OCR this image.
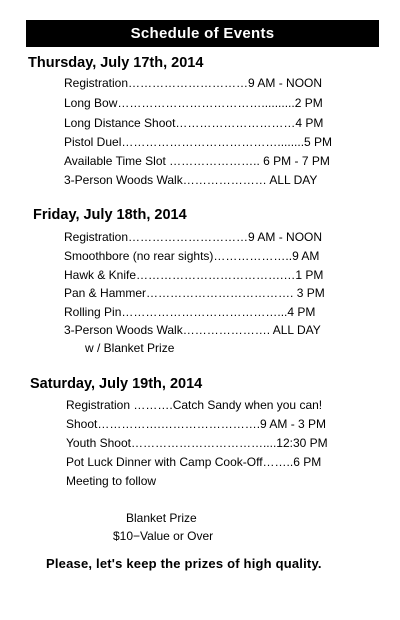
Schedule of Events
Thursday, July 17th, 2014
Registration…………………………9 AM - NOON
Long Bow………………………………..........2 PM
Long Distance Shoot…………………………4 PM
Pistol Duel…………………………………........5 PM
Available Time Slot ………………….. 6 PM - 7 PM
3-Person Woods Walk………………… ALL DAY
Friday, July 18th, 2014
Registration…………………………9 AM - NOON
Smoothbore (no rear sights)………………..9 AM
Hawk & Knife……………………………….…1 PM
Pan & Hammer………………………………. 3 PM
Rolling Pin…………………………………...4 PM
3-Person Woods Walk…………………. ALL DAY
w / Blanket Prize
Saturday, July 19th, 2014
Registration ……….Catch Sandy when you can!
Shoot…………….…………………….9 AM - 3 PM
Youth Shoot……………………………....12:30 PM
Pot Luck Dinner with Camp Cook-Off……..6 PM
Meeting to follow
Blanket Prize
$10−Value or Over
Please, let's keep the prizes of high quality.
